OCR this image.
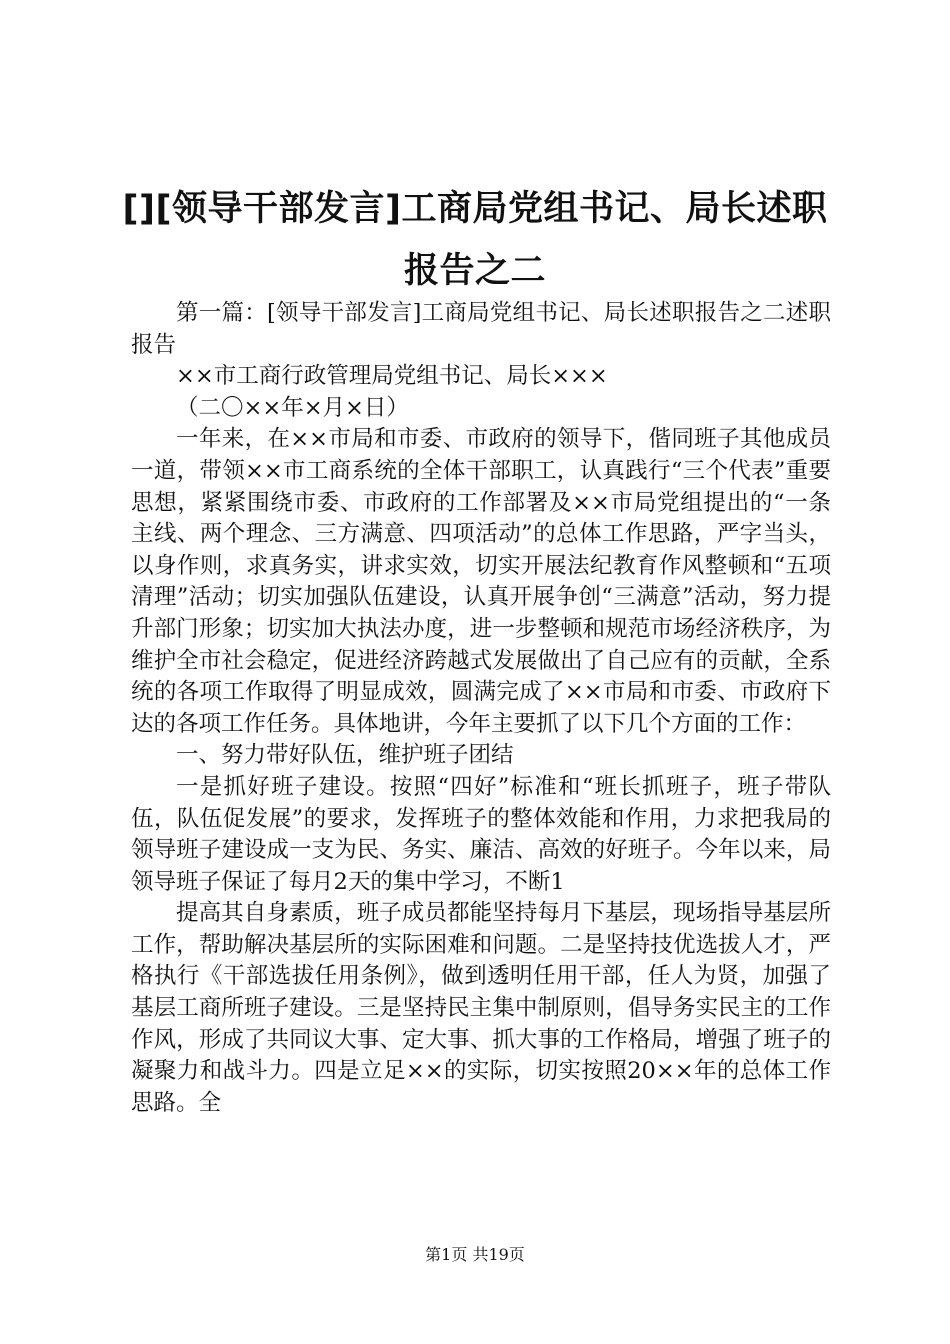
[][领导干部发言]工商局党组书记、局长述职
报告之二

第一篇：[领导干部发言]工商局党组书记、局长述职报告之二述职报告

××市工商行政管理局党组书记、局长×××

（二〇××年×月×日）

一年来，在××市局和市委、市政府的领导下，偕同班子其他成员一道，带领××市工商系统的全体干部职工，认真践行“三个代表”重要思想，紧紧围绕市委、市政府的工作部署及××市局党组提出的“一条主线、两个理念、三方满意、四项活动”的总体工作思路，严字当头，以身作则，求真务实，讲求实效，切实开展法纪教育作风整顿和“五项清理”活动；切实加强队伍建设，认真开展争创“三满意”活动，努力提升部门形象；切实加大执法办度，进一步整顿和规范市场经济秩序，为维护全市社会稳定，促进经济跨越式发展做出了自己应有的贡献，全系统的各项工作取得了明显成效，圆满完成了××市局和市委、市政府下达的各项工作任务。具体地讲，今年主要抓了以下几个方面的工作：

一、努力带好队伍，维护班子团结

一是抓好班子建设。按照“四好”标准和“班长抓班子，班子带队伍，队伍促发展”的要求，发挥班子的整体效能和作用，力求把我局的领导班子建设成一支为民、务实、廉洁、高效的好班子。今年以来，局领导班子保证了每月2天的集中学习，不断1

提高其自身素质，班子成员都能坚持每月下基层，现场指导基层所工作，帮助解决基层所的实际困难和问题。二是坚持技优选拔人才，严格执行《干部选拔任用条例》，做到透明任用干部，任人为贤，加强了基层工商所班子建设。三是坚持民主集中制原则，倡导务实民主的工作作风，形成了共同议大事、定大事、抓大事的工作格局，增强了班子的凝聚力和战斗力。四是立足××的实际，切实按照20××年的总体工作思路。全

第1页 共19页
